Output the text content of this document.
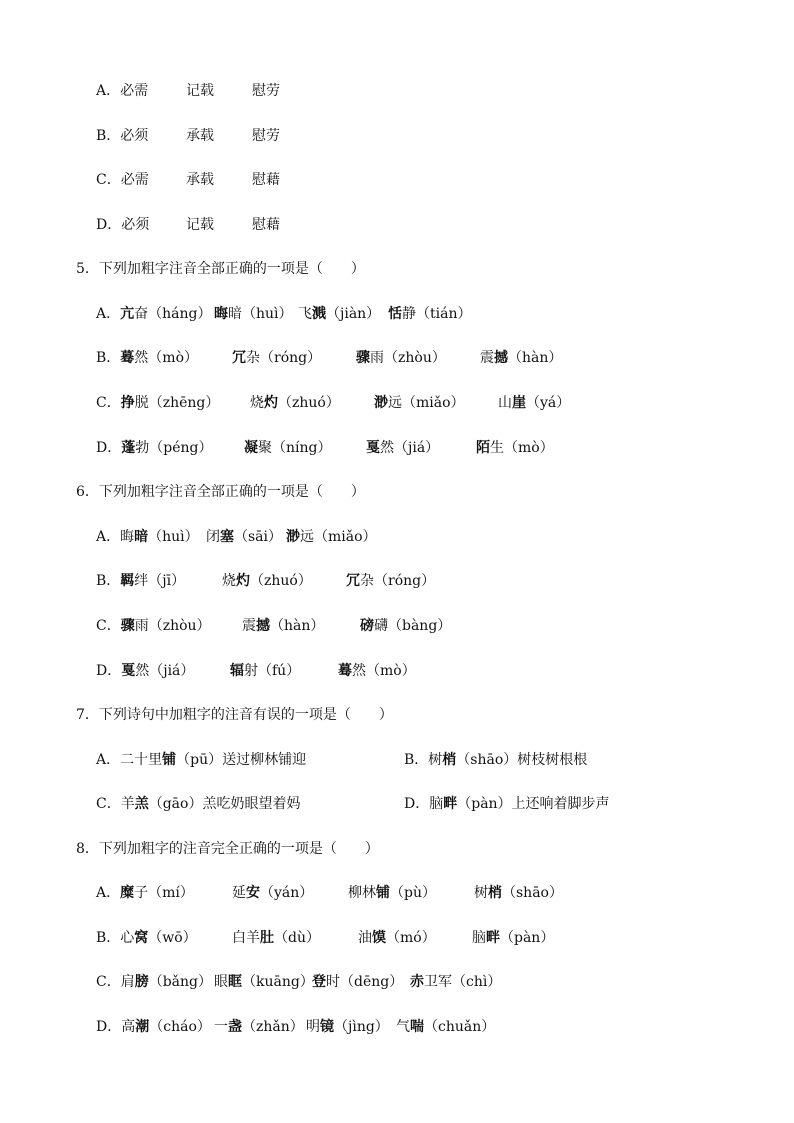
A．必需	记载	慰劳
B．必须	承载	慰劳
C．必需	承载	慰藉
D．必须	记载	慰藉
5．下列加粗字注音全部正确的一项是（　　）
A．亢奋（háng） 晦暗（huì） 飞溅（jiàn） 恬静（tián）
B．蓦然（mò） 冗杂（róng） 骤雨（zhòu） 震撼（hàn）
C．挣脱（zhēng） 烧灼（zhuó） 渺远（miǎo） 山崖（yá）
D．蓬勃（péng） 凝聚（níng） 戛然（jiá）	陌生（mò）
6．下列加粗字注音全部正确的一项是（　　）
A．晦暗（huì） 闭塞（sāi） 渺远（miǎo）
B．羁绊（jī）	烧灼（zhuó） 冗杂（róng）
C．骤雨（zhòu） 震撼（hàn）	磅礴（bàng）
D．戛然（jiá）	辐射（fú）	蓦然（mò）
7．下列诗句中加粗字的注音有误的一项是（　　）
A．二十里铺（pū）送过柳林铺迎	B．树梢（shāo）树枝树根根
C．羊羔（gāo）羔吃奶眼望着妈	D．脑畔（pàn）上还响着脚步声
8．下列加粗字的注音完全正确的一项是（　　）
A．糜子（mí）	延安（yán） 柳林铺（pù）	树梢（shāo）
B．心窝（wō）	白羊肚（dù）	油馍（mó）	脑畔（pàn）
C．肩膀（bǎng） 眼眶（kuāng）
登时（dēng） 赤卫军（chì）
D．高潮（cháo） 一盏（zhǎn） 明镜（jìng） 气喘（chuǎn）
